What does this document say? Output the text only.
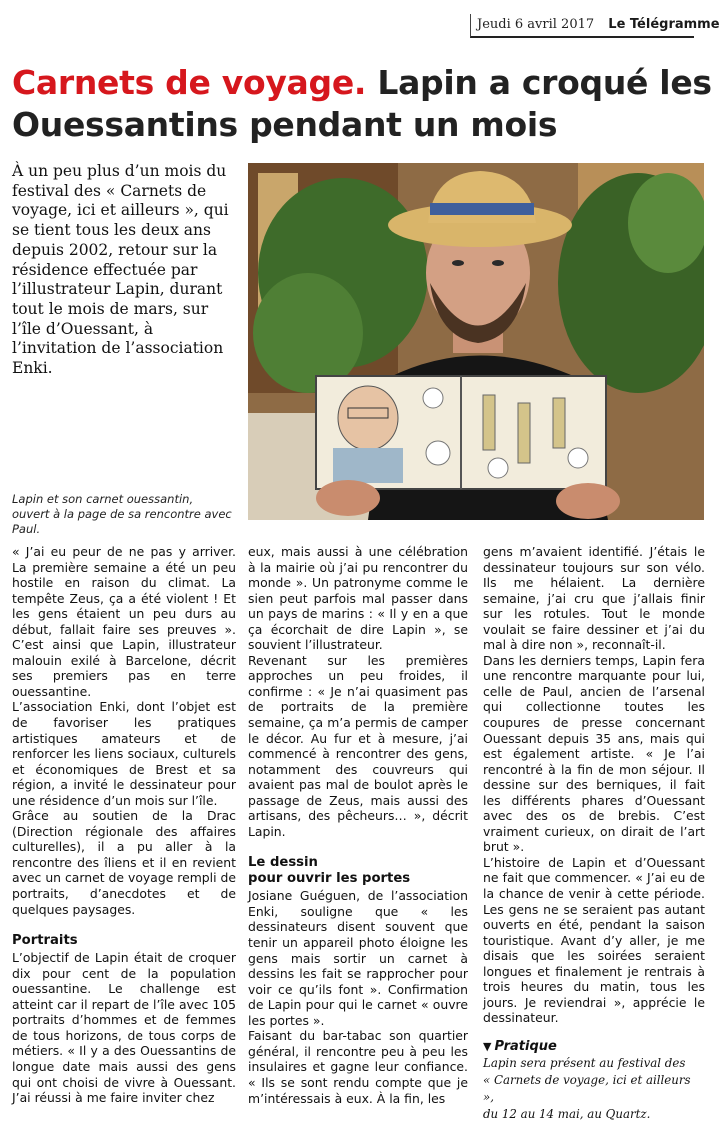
Jeudi 6 avril 2017 Le Télégramme
Carnets de voyage. Lapin a croqué les Ouessantins pendant un mois
À un peu plus d’un mois du festival des « Carnets de voyage, ici et ailleurs », qui se tient tous les deux ans depuis 2002, retour sur la résidence effectuée par l’illustrateur Lapin, durant tout le mois de mars, sur l’île d’Ouessant, à l’invitation de l’association Enki.
Lapin et son carnet ouessantin, ouvert à la page de sa rencontre avec Paul.

« J’ai eu peur de ne pas y arriver. La première semaine a été un peu hostile en raison du climat. La tempête Zeus, ça a été violent ! Et les gens étaient un peu durs au début, fallait faire ses preuves ». C’est ainsi que Lapin, illustrateur malouin exilé à Barcelone, décrit ses premiers pas en terre ouessantine.

L’association Enki, dont l’objet est de favoriser les pratiques artistiques amateurs et de renforcer les liens sociaux, culturels et économiques de Brest et sa région, a invité le dessinateur pour une résidence d’un mois sur l’île.

Grâce au soutien de la Drac (Direction régionale des affaires culturelles), il a pu aller à la rencontre des îliens et il en revient avec un carnet de voyage rempli de portraits, d’anecdotes et de quelques paysages.

Portraits

L’objectif de Lapin était de croquer dix pour cent de la population ouessantine. Le challenge est atteint car il repart de l’île avec 105 portraits d’hommes et de femmes de tous horizons, de tous corps de métiers. « Il y a des Ouessantins de longue date mais aussi des gens qui ont choisi de vivre à Ouessant. J’ai réussi à me faire inviter chez

eux, mais aussi à une célébration à la mairie où j’ai pu rencontrer du monde ». Un patronyme comme le sien peut parfois mal passer dans un pays de marins : « Il y en a que ça écorchait de dire Lapin », se souvient l’illustrateur.

Revenant sur les premières approches un peu froides, il confirme : « Je n’ai quasiment pas de portraits de la première semaine, ça m’a permis de camper le décor. Au fur et à mesure, j’ai commencé à rencontrer des gens, notamment des couvreurs qui avaient pas mal de boulot après le passage de Zeus, mais aussi des artisans, des pêcheurs… », décrit Lapin.

Le dessin
pour ouvrir les portes

Josiane Guéguen, de l’association Enki, souligne que « les dessinateurs disent souvent que tenir un appareil photo éloigne les gens mais sortir un carnet à dessins les fait se rapprocher pour voir ce qu’ils font ». Confirmation de Lapin pour qui le carnet « ouvre les portes ».

Faisant du bar-tabac son quartier général, il rencontre peu à peu les insulaires et gagne leur confiance. « Ils se sont rendu compte que je m’intéressais à eux. À la fin, les

gens m’avaient identifié. J’étais le dessinateur toujours sur son vélo. Ils me hélaient. La dernière semaine, j’ai cru que j’allais finir sur les rotules. Tout le monde voulait se faire dessiner et j’ai du mal à dire non », reconnaît-il.

Dans les derniers temps, Lapin fera une rencontre marquante pour lui, celle de Paul, ancien de l’arsenal qui collectionne toutes les coupures de presse concernant Ouessant depuis 35 ans, mais qui est également artiste. « Je l’ai rencontré à la fin de mon séjour. Il dessine sur des berniques, il fait les différents phares d’Ouessant avec des os de brebis. C’est vraiment curieux, on dirait de l’art brut ».

L’histoire de Lapin et d’Ouessant ne fait que commencer. « J’ai eu de la chance de venir à cette période. Les gens ne se seraient pas autant ouverts en été, pendant la saison touristique. Avant d’y aller, je me disais que les soirées seraient longues et finalement je rentrais à trois heures du matin, tous les jours. Je reviendrai », apprécie le dessinateur.

▼ Pratique
Lapin sera présent au festival des
« Carnets de voyage, ici et ailleurs »,
du 12 au 14 mai, au Quartz.
